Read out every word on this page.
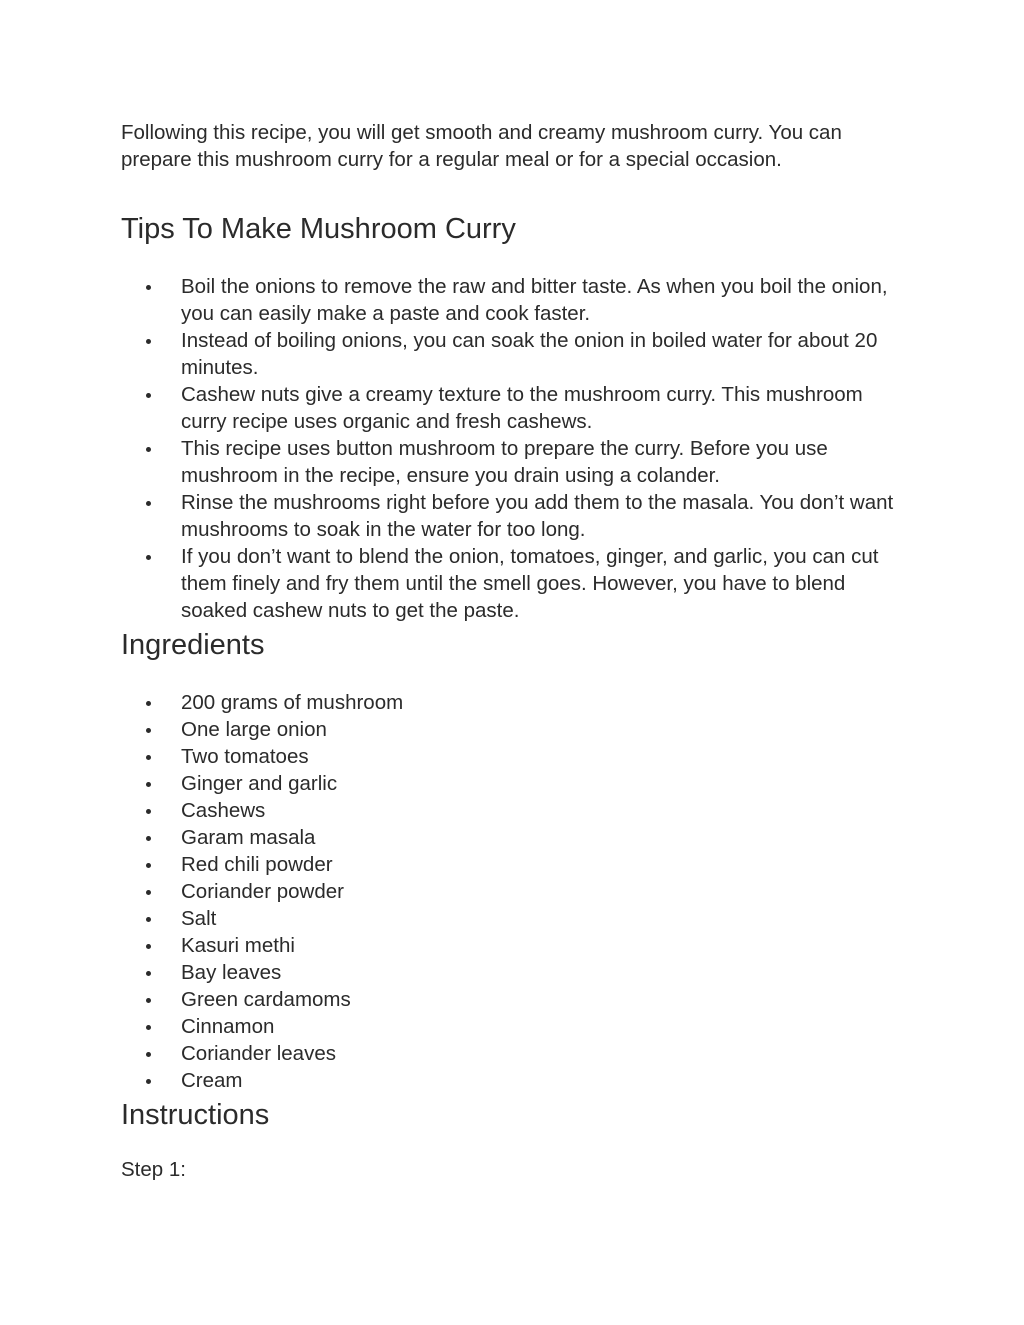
Following this recipe, you will get smooth and creamy mushroom curry. You can prepare this mushroom curry for a regular meal or for a special occasion.

Tips To Make Mushroom Curry
Boil the onions to remove the raw and bitter taste. As when you boil the onion, you can easily make a paste and cook faster.
Instead of boiling onions, you can soak the onion in boiled water for about 20 minutes.
Cashew nuts give a creamy texture to the mushroom curry. This mushroom curry recipe uses organic and fresh cashews.
This recipe uses button mushroom to prepare the curry. Before you use mushroom in the recipe, ensure you drain using a colander.
Rinse the mushrooms right before you add them to the masala. You don’t want mushrooms to soak in the water for too long.
If you don’t want to blend the onion, tomatoes, ginger, and garlic, you can cut them finely and fry them until the smell goes. However, you have to blend soaked cashew nuts to get the paste.
Ingredients
200 grams of mushroom
One large onion
Two tomatoes
Ginger and garlic
Cashews
Garam masala
Red chili powder
Coriander powder
Salt
Kasuri methi
Bay leaves
Green cardamoms
Cinnamon
Coriander leaves
Cream
Instructions

Step 1:
